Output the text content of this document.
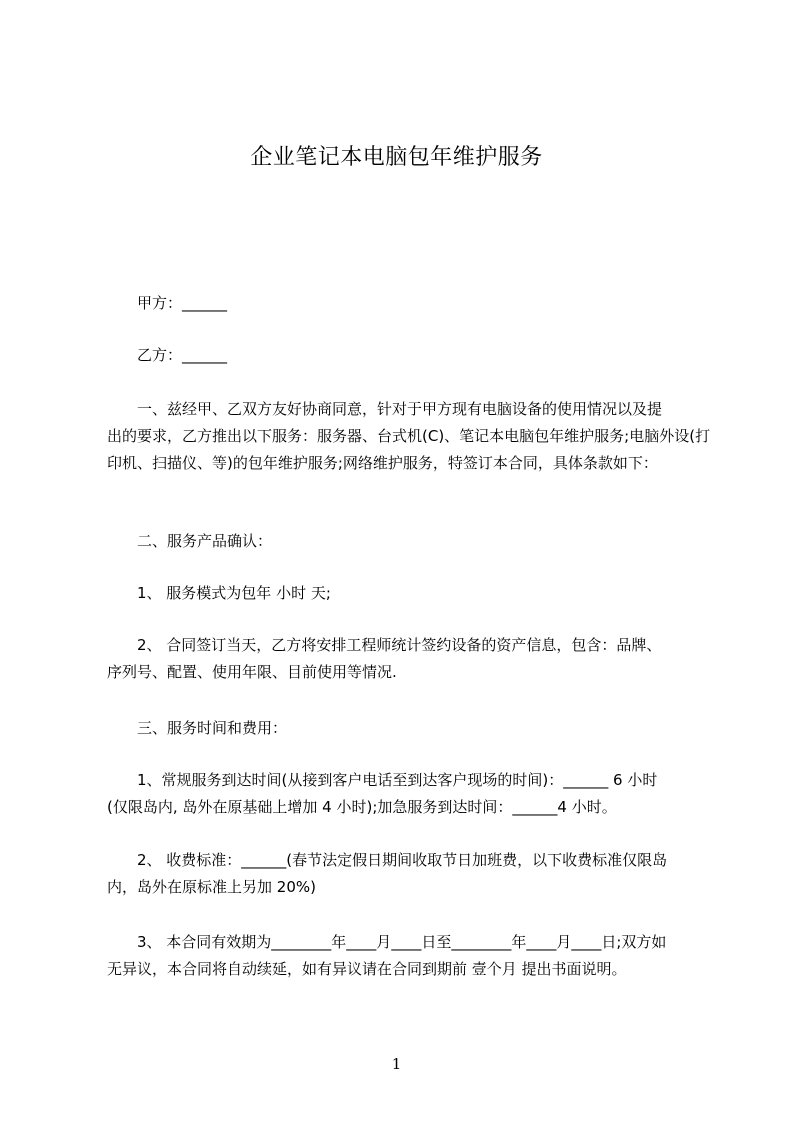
企业笔记本电脑包年维护服务
甲方：______
乙方：______
一、兹经甲、乙双方友好协商同意，针对于甲方现有电脑设备的使用情况以及提
出的要求，乙方推出以下服务：服务器、台式机(C)、笔记本电脑包年维护服务;电脑外设(打印机、扫描仪、等)的包年维护服务;网络维护服务，特签订本合同，具体条款如下：
二、服务产品确认：
1、 服务模式为包年 小时 天;
2、 合同签订当天，乙方将安排工程师统计签约设备的资产信息，包含：品牌、
序列号、配置、使用年限、目前使用等情况.
三、服务时间和费用：
1、常规服务到达时间(从接到客户电话至到达客户现场的时间)：______ 6 小时
(仅限岛内, 岛外在原基础上增加 4 小时);加急服务到达时间：______4 小时。
2、 收费标准：______(春节法定假日期间收取节日加班费，以下收费标准仅限岛
内，岛外在原标准上另加 20%)
3、 本合同有效期为________年____月____日至________年____月____日;双方如
无异议，本合同将自动续延，如有异议请在合同到期前 壹个月 提出书面说明。
1
